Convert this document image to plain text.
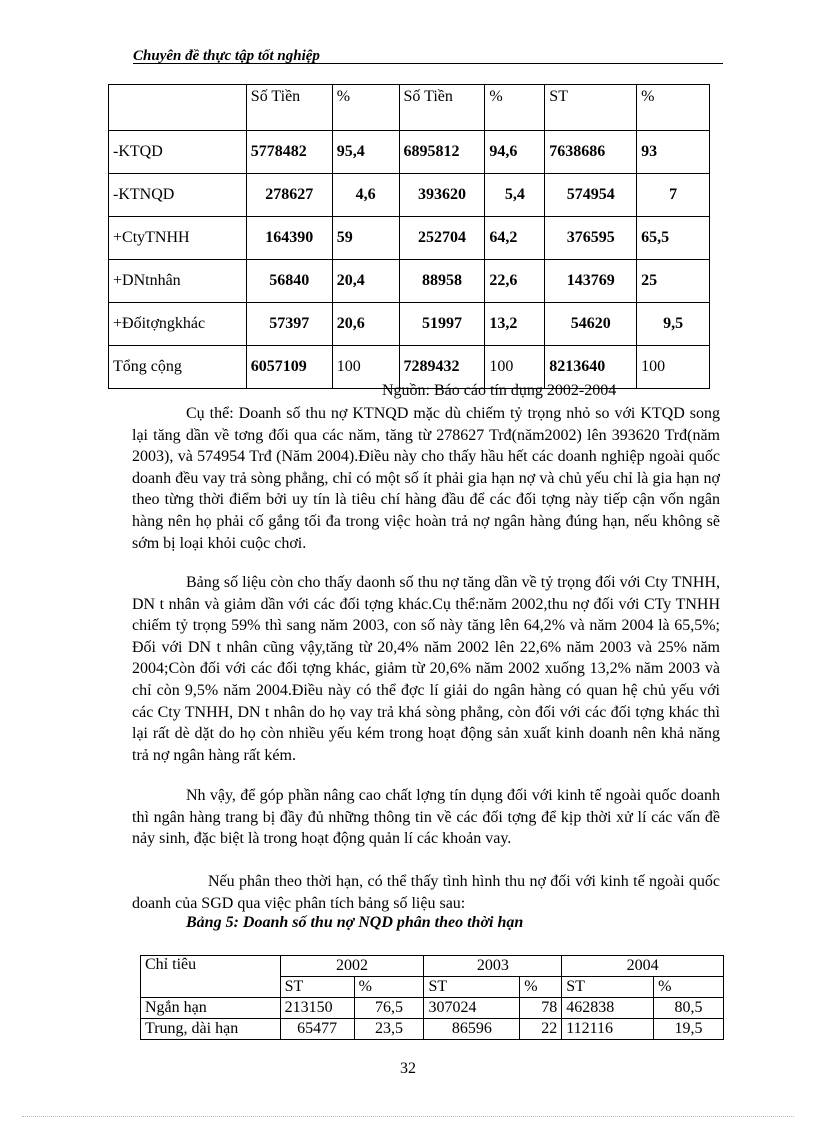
Chuyên đề thực tập tốt nghiệp
	Số Tiền	%	Số Tiền	%	ST	%
-KTQD	5778482	95,4	6895812	94,6	7638686	93
-KTNQD	278627	4,6	393620	5,4	574954	7
+CtyTNHH	164390	59	252704	64,2	376595	65,5
+DNtnhân	56840	20,4	88958	22,6	143769	25
+Đốitợngkhác	57397	20,6	51997	13,2	54620	9,5
Tổng cộng	6057109	100	7289432	100	8213640	100
Nguồn: Báo cáo tín dụng 2002-2004

Cụ thể: Doanh số thu nợ KTNQD mặc dù chiếm tỷ trọng nhỏ so với KTQD song lại tăng dần về tơng đối qua các năm, tăng từ 278627 Trđ(năm2002) lên 393620 Trđ(năm 2003), và 574954 Trđ (Năm 2004).Điều này cho thấy hầu hết các doanh nghiệp ngoài quốc doanh đều vay trả sòng phẳng, chỉ có một số ít phải gia hạn nợ và chủ yếu chỉ là gia hạn nợ theo từng thời điểm bởi uy tín là tiêu chí hàng đầu để các đối tợng này tiếp cận vốn ngân hàng nên họ phải cố gắng tối đa trong việc hoàn trả nợ ngân hàng đúng hạn, nếu không sẽ sớm bị loại khỏi cuộc chơi.

Bảng số liệu còn cho thấy daonh số thu nợ tăng dần về tỷ trọng đối với Cty TNHH, DN t nhân và giảm dần với các đối tợng khác.Cụ thể:năm 2002,thu nợ đối với CTy TNHH chiếm tỷ trọng 59% thì sang năm 2003, con số này tăng lên 64,2% và năm 2004 là 65,5%; Đối với DN t nhân cũng vậy,tăng từ 20,4% năm 2002 lên 22,6% năm 2003 và 25% năm 2004;Còn đối với các đối tợng khác, giảm từ 20,6% năm 2002 xuống 13,2% năm 2003 và chỉ còn 9,5% năm 2004.Điều này có thể đợc lí giải do ngân hàng có quan hệ chủ yếu với các Cty TNHH, DN t nhân do họ vay trả khá sòng phẳng, còn đối với các đối tợng khác thì lại rất dè dặt do họ còn nhiều yếu kém trong hoạt động sản xuất kinh doanh nên khả năng trả nợ ngân hàng rất kém.

Nh vậy, để góp phần nâng cao chất lợng tín dụng đối với kinh tế ngoài quốc doanh thì ngân hàng trang bị đầy đủ những thông tin về các đối tợng để kịp thời xử lí các vấn đề nảy sinh, đặc biệt là trong hoạt động quản lí các khoản vay.

Nếu phân theo thời hạn, có thể thấy tình hình thu nợ đối với kinh tế ngoài quốc doanh của SGD qua việc phân tích bảng số liệu sau:

Bảng 5: Doanh số thu nợ NQD phân theo thời hạn
Chỉ tiêu	2002		2003		2004	
	ST	%	ST	%	ST	%
Ngắn hạn	213150	76,5	307024	78	462838	80,5
Trung, dài hạn	65477	23,5	86596	22	112116	19,5
32
